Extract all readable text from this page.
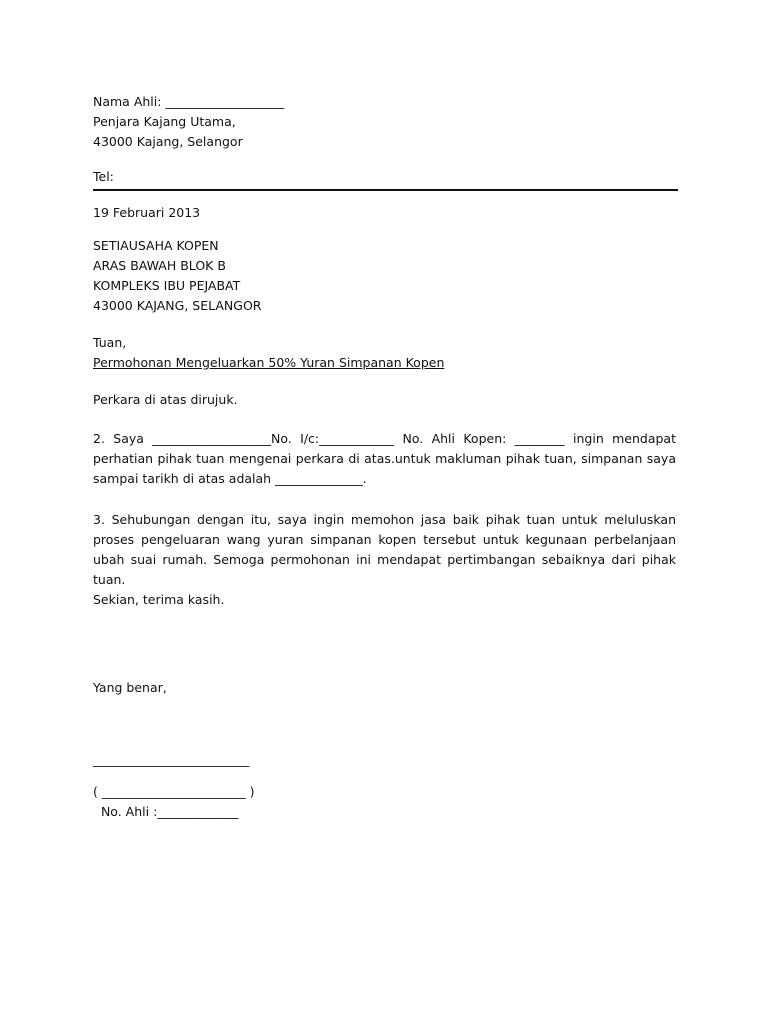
Nama Ahli: ___________________
Penjara Kajang Utama,
43000 Kajang, Selangor
Tel:
19 Februari 2013
SETIAUSAHA KOPEN
ARAS BAWAH BLOK B
KOMPLEKS IBU PEJABAT
43000 KAJANG, SELANGOR
Tuan,
Permohonan Mengeluarkan 50% Yuran Simpanan Kopen
Perkara di atas dirujuk.
2. Saya ___________________No. I/c:____________ No. Ahli Kopen: ________ ingin mendapat perhatian pihak tuan mengenai perkara di atas.untuk makluman pihak tuan, simpanan saya sampai tarikh di atas adalah ______________.
3. Sehubungan dengan itu, saya ingin memohon jasa baik pihak tuan untuk meluluskan proses pengeluaran wang yuran simpanan kopen tersebut untuk kegunaan perbelanjaan ubah suai rumah. Semoga permohonan ini mendapat pertimbangan sebaiknya dari pihak tuan.
Sekian, terima kasih.
Yang benar,
_________________________
( _______________________ )
No. Ahli :_____________
